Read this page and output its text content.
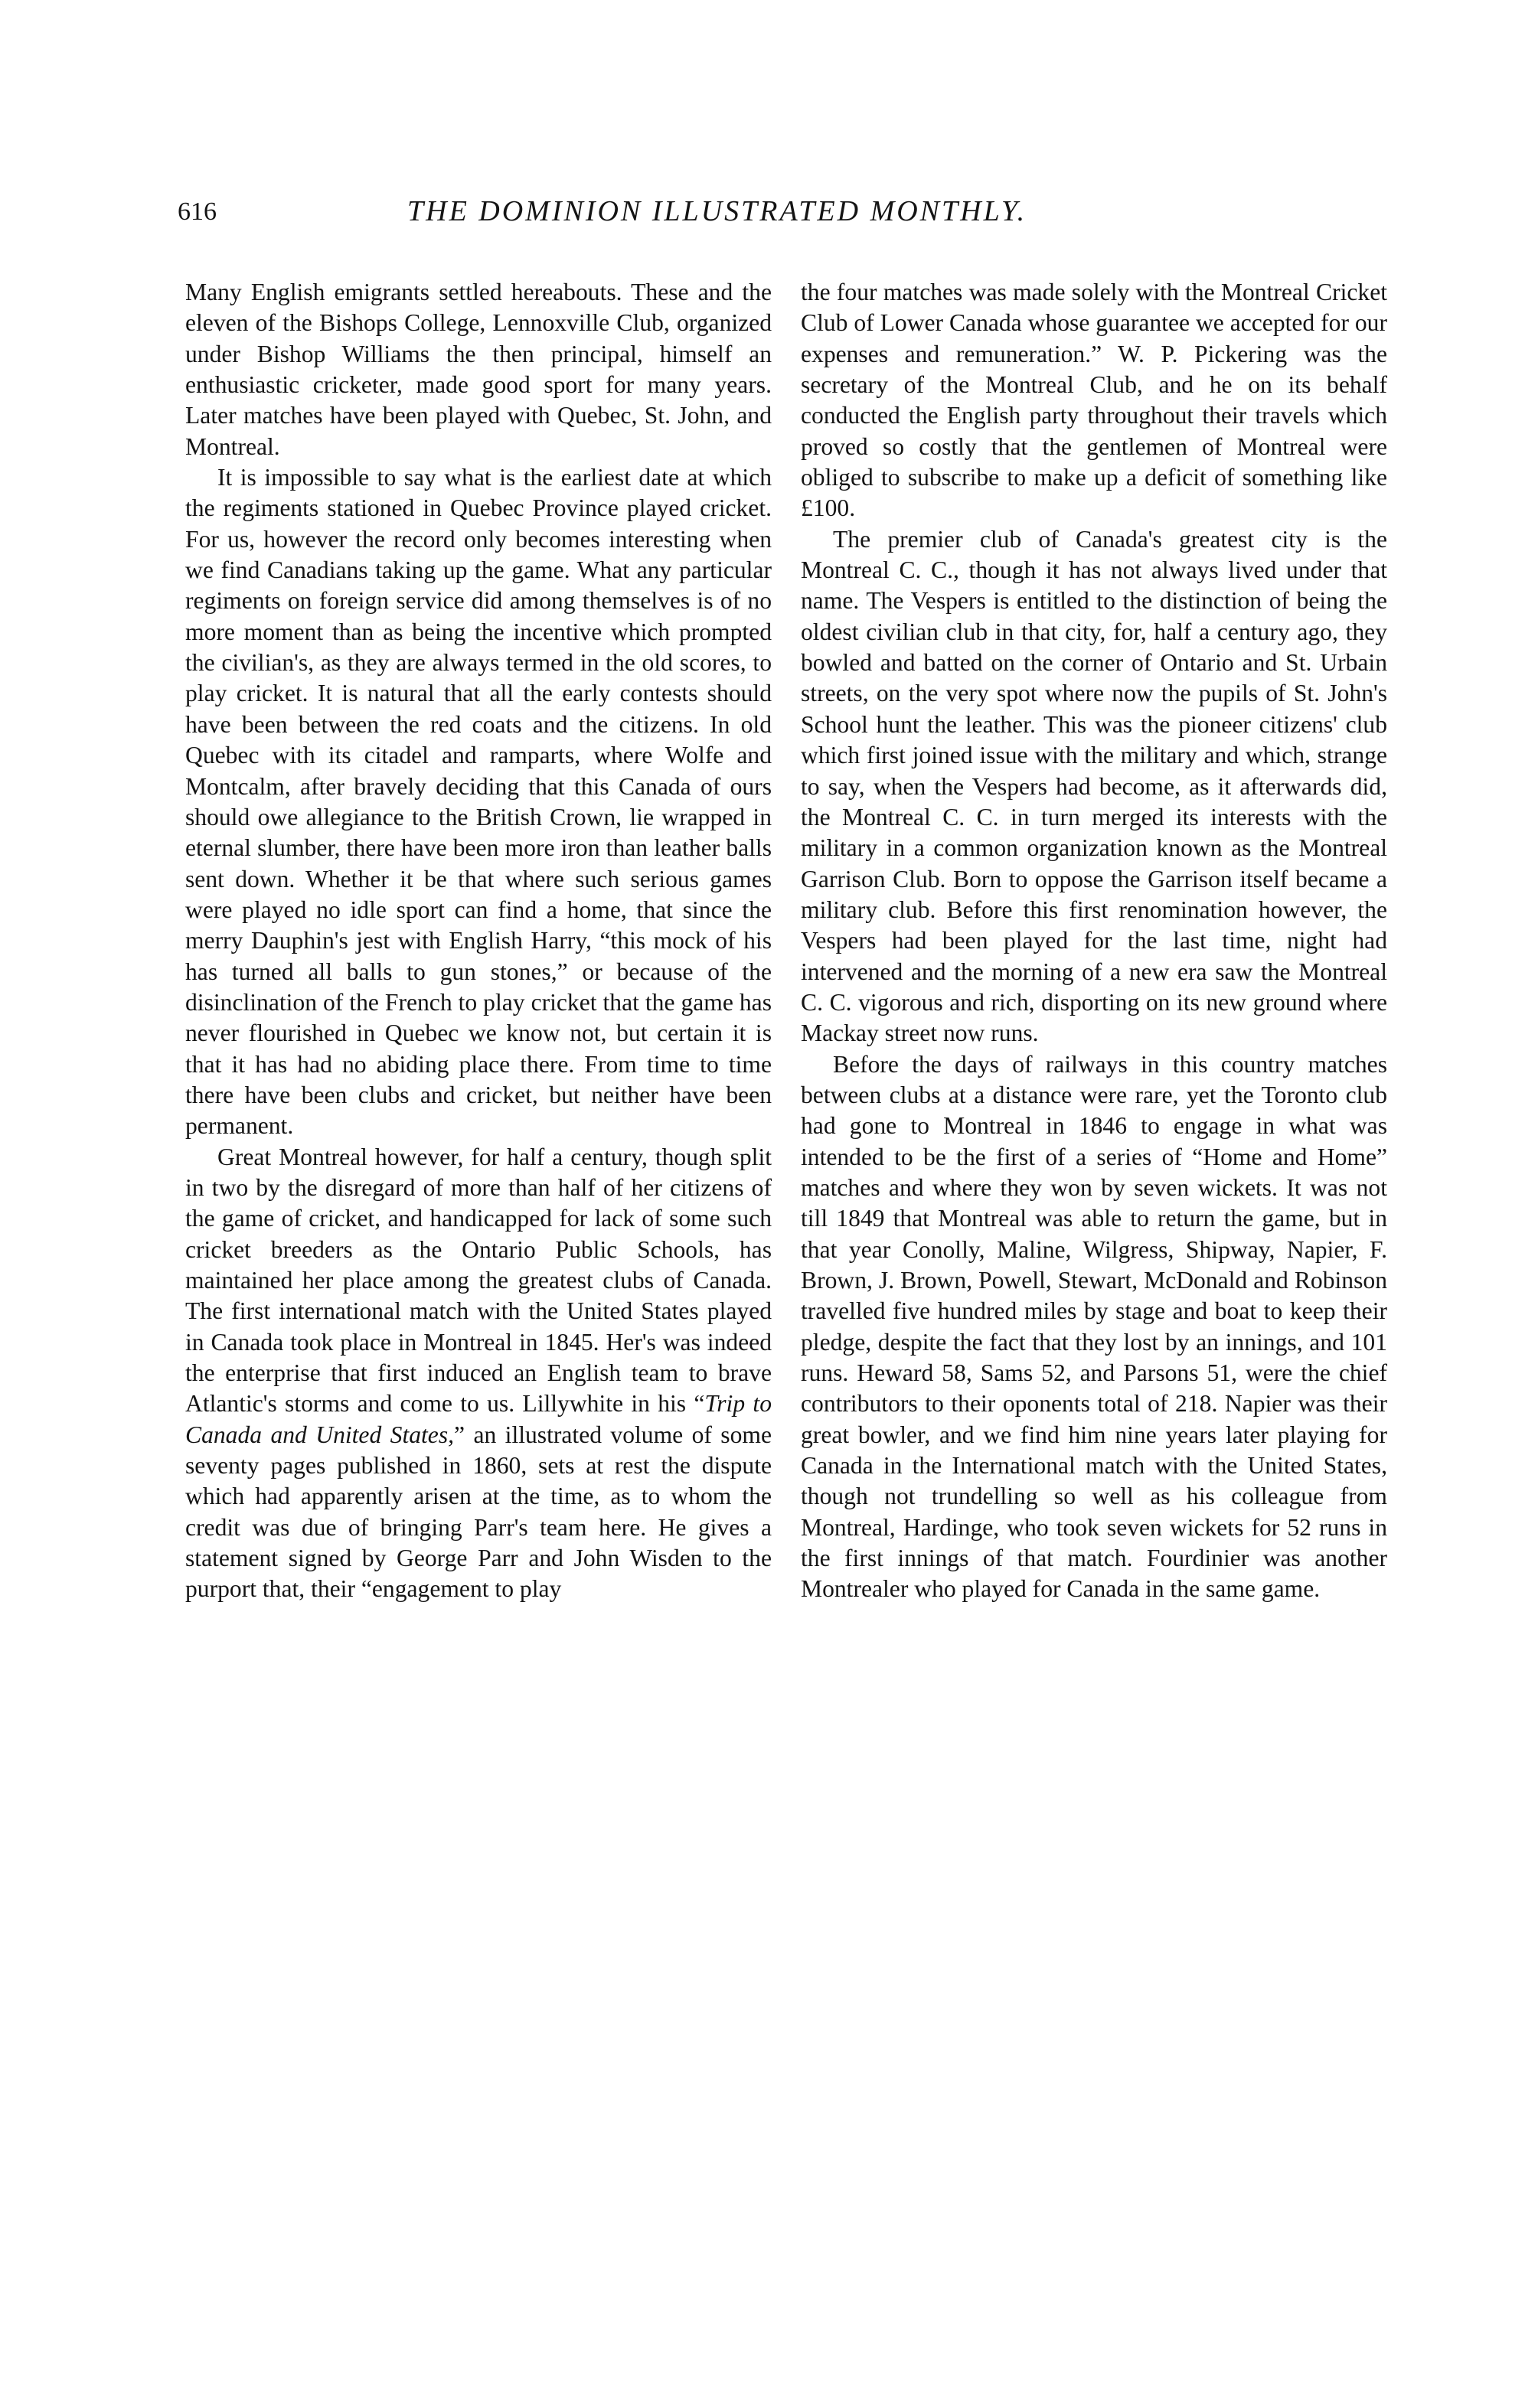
616	THE DOMINION ILLUSTRATED MONTHLY.

Many English emigrants settled hereabouts. These and the eleven of the Bishops College, Lennoxville Club, organized under Bishop Williams the then principal, himself an enthusiastic cricketer, made good sport for many years. Later matches have been played with Quebec, St. John, and Montreal.

It is impossible to say what is the earliest date at which the regiments stationed in Quebec Province played cricket. For us, however the record only becomes interesting when we find Canadians taking up the game. What any particular regiments on foreign service did among themselves is of no more moment than as being the incentive which prompted the civilian's, as they are always termed in the old scores, to play cricket. It is natural that all the early contests should have been between the red coats and the citizens. In old Quebec with its citadel and ramparts, where Wolfe and Montcalm, after bravely deciding that this Canada of ours should owe allegiance to the British Crown, lie wrapped in eternal slumber, there have been more iron than leather balls sent down. Whether it be that where such serious games were played no idle sport can find a home, that since the merry Dauphin's jest with English Harry, “this mock of his has turned all balls to gun stones,” or because of the disinclination of the French to play cricket that the game has never flourished in Quebec we know not, but certain it is that it has had no abiding place there. From time to time there have been clubs and cricket, but neither have been permanent.

Great Montreal however, for half a century, though split in two by the disregard of more than half of her citizens of the game of cricket, and handicapped for lack of some such cricket breeders as the Ontario Public Schools, has maintained her place among the greatest clubs of Canada. The first international match with the United States played in Canada took place in Montreal in 1845. Her's was indeed the enterprise that first induced an English team to brave Atlantic's storms and come to us. Lillywhite in his “Trip to Canada and United States,” an illustrated volume of some seventy pages published in 1860, sets at rest the dispute which had apparently arisen at the time, as to whom the credit was due of bringing Parr's team here. He gives a statement signed by George Parr and John Wisden to the purport that, their “engagement to play

the four matches was made solely with the Montreal Cricket Club of Lower Canada whose guarantee we accepted for our expenses and remuneration.” W. P. Pickering was the secretary of the Montreal Club, and he on its behalf conducted the English party throughout their travels which proved so costly that the gentlemen of Montreal were obliged to subscribe to make up a deficit of something like £100.

The premier club of Canada's greatest city is the Montreal C. C., though it has not always lived under that name. The Vespers is entitled to the distinction of being the oldest civilian club in that city, for, half a century ago, they bowled and batted on the corner of Ontario and St. Urbain streets, on the very spot where now the pupils of St. John's School hunt the leather. This was the pioneer citizens' club which first joined issue with the military and which, strange to say, when the Vespers had become, as it afterwards did, the Montreal C. C. in turn merged its interests with the military in a common organization known as the Montreal Garrison Club. Born to oppose the Garrison itself became a military club. Before this first renomination however, the Vespers had been played for the last time, night had intervened and the morning of a new era saw the Montreal C. C. vigorous and rich, disporting on its new ground where Mackay street now runs.

Before the days of railways in this country matches between clubs at a distance were rare, yet the Toronto club had gone to Montreal in 1846 to engage in what was intended to be the first of a series of “Home and Home” matches and where they won by seven wickets. It was not till 1849 that Montreal was able to return the game, but in that year Conolly, Maline, Wilgress, Shipway, Napier, F. Brown, J. Brown, Powell, Stewart, McDonald and Robinson travelled five hundred miles by stage and boat to keep their pledge, despite the fact that they lost by an innings, and 101 runs. Heward 58, Sams 52, and Parsons 51, were the chief contributors to their oponents total of 218. Napier was their great bowler, and we find him nine years later playing for Canada in the International match with the United States, though not trundelling so well as his colleague from Montreal, Hardinge, who took seven wickets for 52 runs in the first innings of that match. Fourdinier was another Montrealer who played for Canada in the same game.
